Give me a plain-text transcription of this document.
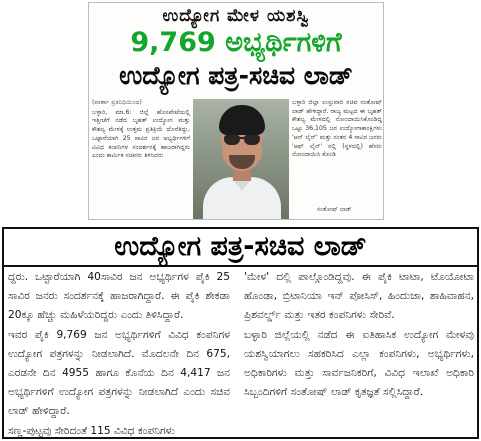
ಉದ್ಯೋಗ ಮೇಳ ಯಶಸ್ವಿ
9,769 ಅಭ್ಯರ್ಥಿಗಳಿಗೆ
ಉದ್ಯೋಗ ಪತ್ರ-ಸಚಿವ ಲಾಡ್
(ವಾರ್ತಾ ಪ್ರತಿನಿಧಿಯಿಂದ)
ಬಳ್ಳಾರಿ, ಮಾ.6: ಜಿಲ್ಲೆ ಹೊಸಪೇಟೆಯಲ್ಲಿ ಇತ್ತೀಚೆಗೆ ನಡೆದ ಬೃಹತ್ ಉದ್ಯೋಗ ಮತ್ತು ಕೌಶಲ್ಯ ಮೇಳಕ್ಕೆ ಉತ್ತಮ ಪ್ರತಿಕ್ರಿಯೆ ದೊರೆತಿದ್ದು, ಒಟ್ಟಾರೆಯಾಗಿ 25 ಸಾವಿರ ಜನ ಅಭ್ಯರ್ಥಿಗಳಿಗೆ ವಿವಿಧ ಕಂಪನಿಗಳ ಸಂದರ್ಶನಕ್ಕೆ ಹಾಜರಾಗಿದ್ದರು ಎಂದು ಕಾರ್ಮಿಕ ಸಚಿವರು ತಿಳಿಸಿದರು
ಬಳ್ಳಾರಿ ಜಿಲ್ಲಾ ಉಸ್ತುವಾರಿ ಸಚಿವ ಸಂತೋಷ್ ಲಾಡ್ ಹೇಳಿದ್ದಾರೆ. ರಾಜ್ಯ ಮಟ್ಟದ ಈ ಬೃಹತ್ ಕೌಶಲ್ಯ ಮೇಳದಲ್ಲಿ ನೋಂದಾಯಿಸಿಕೊಂಡಿದ್ದ ಒಟ್ಟು 36,105 ಜನ ಉದ್ಯೋಗಾಕಾಂಕ್ಷಿಗಳು 'ಆನ್ ಲೈನ್' ಮತ್ತು ನಂತರ 4 ಸಾವಿರ ಜನರು 'ಆಫ್ ಲೈನ್' ನಲ್ಲಿ (ಸ್ಥಳದಲ್ಲಿ) ಹೆಸರು ನೋಂದಾಯಿಸಿ ಕೊಂಡಿ
ಸಂತೋಷ್ ಲಾಡ್
ಉದ್ಯೋಗ ಪತ್ರ-ಸಚಿವ ಲಾಡ್

ದ್ದರು. ಒಟ್ಟಾರೆಯಾಗಿ 40ಸಾವಿರ ಜನ ಅಭ್ಯರ್ಥಿಗಳ ಪೈಕಿ 25 ಸಾವಿರ ಜನರು ಸಂದರ್ಶನಕ್ಕೆ ಹಾಜರಾಗಿದ್ದಾರೆ. ಈ ಪೈಕಿ ಶೇಕಡಾ 20ಕ್ಕೂ ಹೆಚ್ಚು ಮಹಿಳೆಯರಿದ್ದರು ಎಂದು ತಿಳಿಸಿದ್ದಾರೆ.

ಇವರ ಪೈಕಿ 9,769 ಜನ ಅಭ್ಯರ್ಥಿಗಳಿಗೆ ವಿವಿಧ ಕಂಪನಿಗಳ ಉದ್ಯೋಗ ಪತ್ರಗಳನ್ನು ನೀಡಲಾಗಿದೆ. ಮೊದಲನೇ ದಿನ 675, ಎರಡನೇ ದಿನ 4955 ಹಾಗೂ ಕೊನೆಯ ದಿನ 4,417 ಜನ ಅಭ್ಯರ್ಥಿಗಳಿಗೆ ಉದ್ಯೋಗ ಪತ್ರಗಳನ್ನು ನೀಡಲಾಗಿದೆ ಎಂದು ಸಚಿವ ಲಾಡ್ ಹೇಳಿದ್ದಾರೆ.

ಸಣ್ಣ-ಪುಟ್ಟವು ಸೇರಿದಂತೆ 115 ವಿವಿಧ ಕಂಪನಿಗಳು

'ಮೇಳ' ದಲ್ಲಿ ಪಾಲ್ಗೊಂಡಿದ್ದವು. ಈ ಪೈಕಿ ಟಾಟಾ, ಟೊಯೋಟಾ ಹೊಂಡಾ, ಬ್ರಿಟಾನಿಯಾ ಇನ್ ಪೋಸಿಸ್, ಹಿಂದುಜಾ, ಶಾಹಿವಾಹನ, ಪ್ರಿಶವರ್ಲ್ಡ್ ಮತ್ತು ಇತರ ಕಂಪನಿಗಳು ಸೇರಿವೆ.

ಬಳ್ಳಾರಿ ಜಿಲ್ಲೆಯಲ್ಲಿ ನಡೆದ ಈ ಐತಿಹಾಸಿಕ ಉದ್ಯೋಗ ಮೇಳವು ಯಶಸ್ವಿಯಾಗಲು ಸಹಕರಿಸಿದ ಎಲ್ಲಾ ಕಂಪನಿಗಳು, ಅಭ್ಯರ್ಥಿಗಳು, ಅಧಿಕಾರಿಗಳು ಮತ್ತು ಸಾರ್ವಜನಿಕರಿಗೆ, ವಿವಿಧ ಇಲಾಖೆ ಅಧಿಕಾರಿ ಸಿಬ್ಬಂದಿಗಳಿಗೆ ಸಂತೋಷ್ ಲಾಡ್ ಕೃತಜ್ಞತೆ ಸಲ್ಲಿಸಿದ್ದಾರೆ.
